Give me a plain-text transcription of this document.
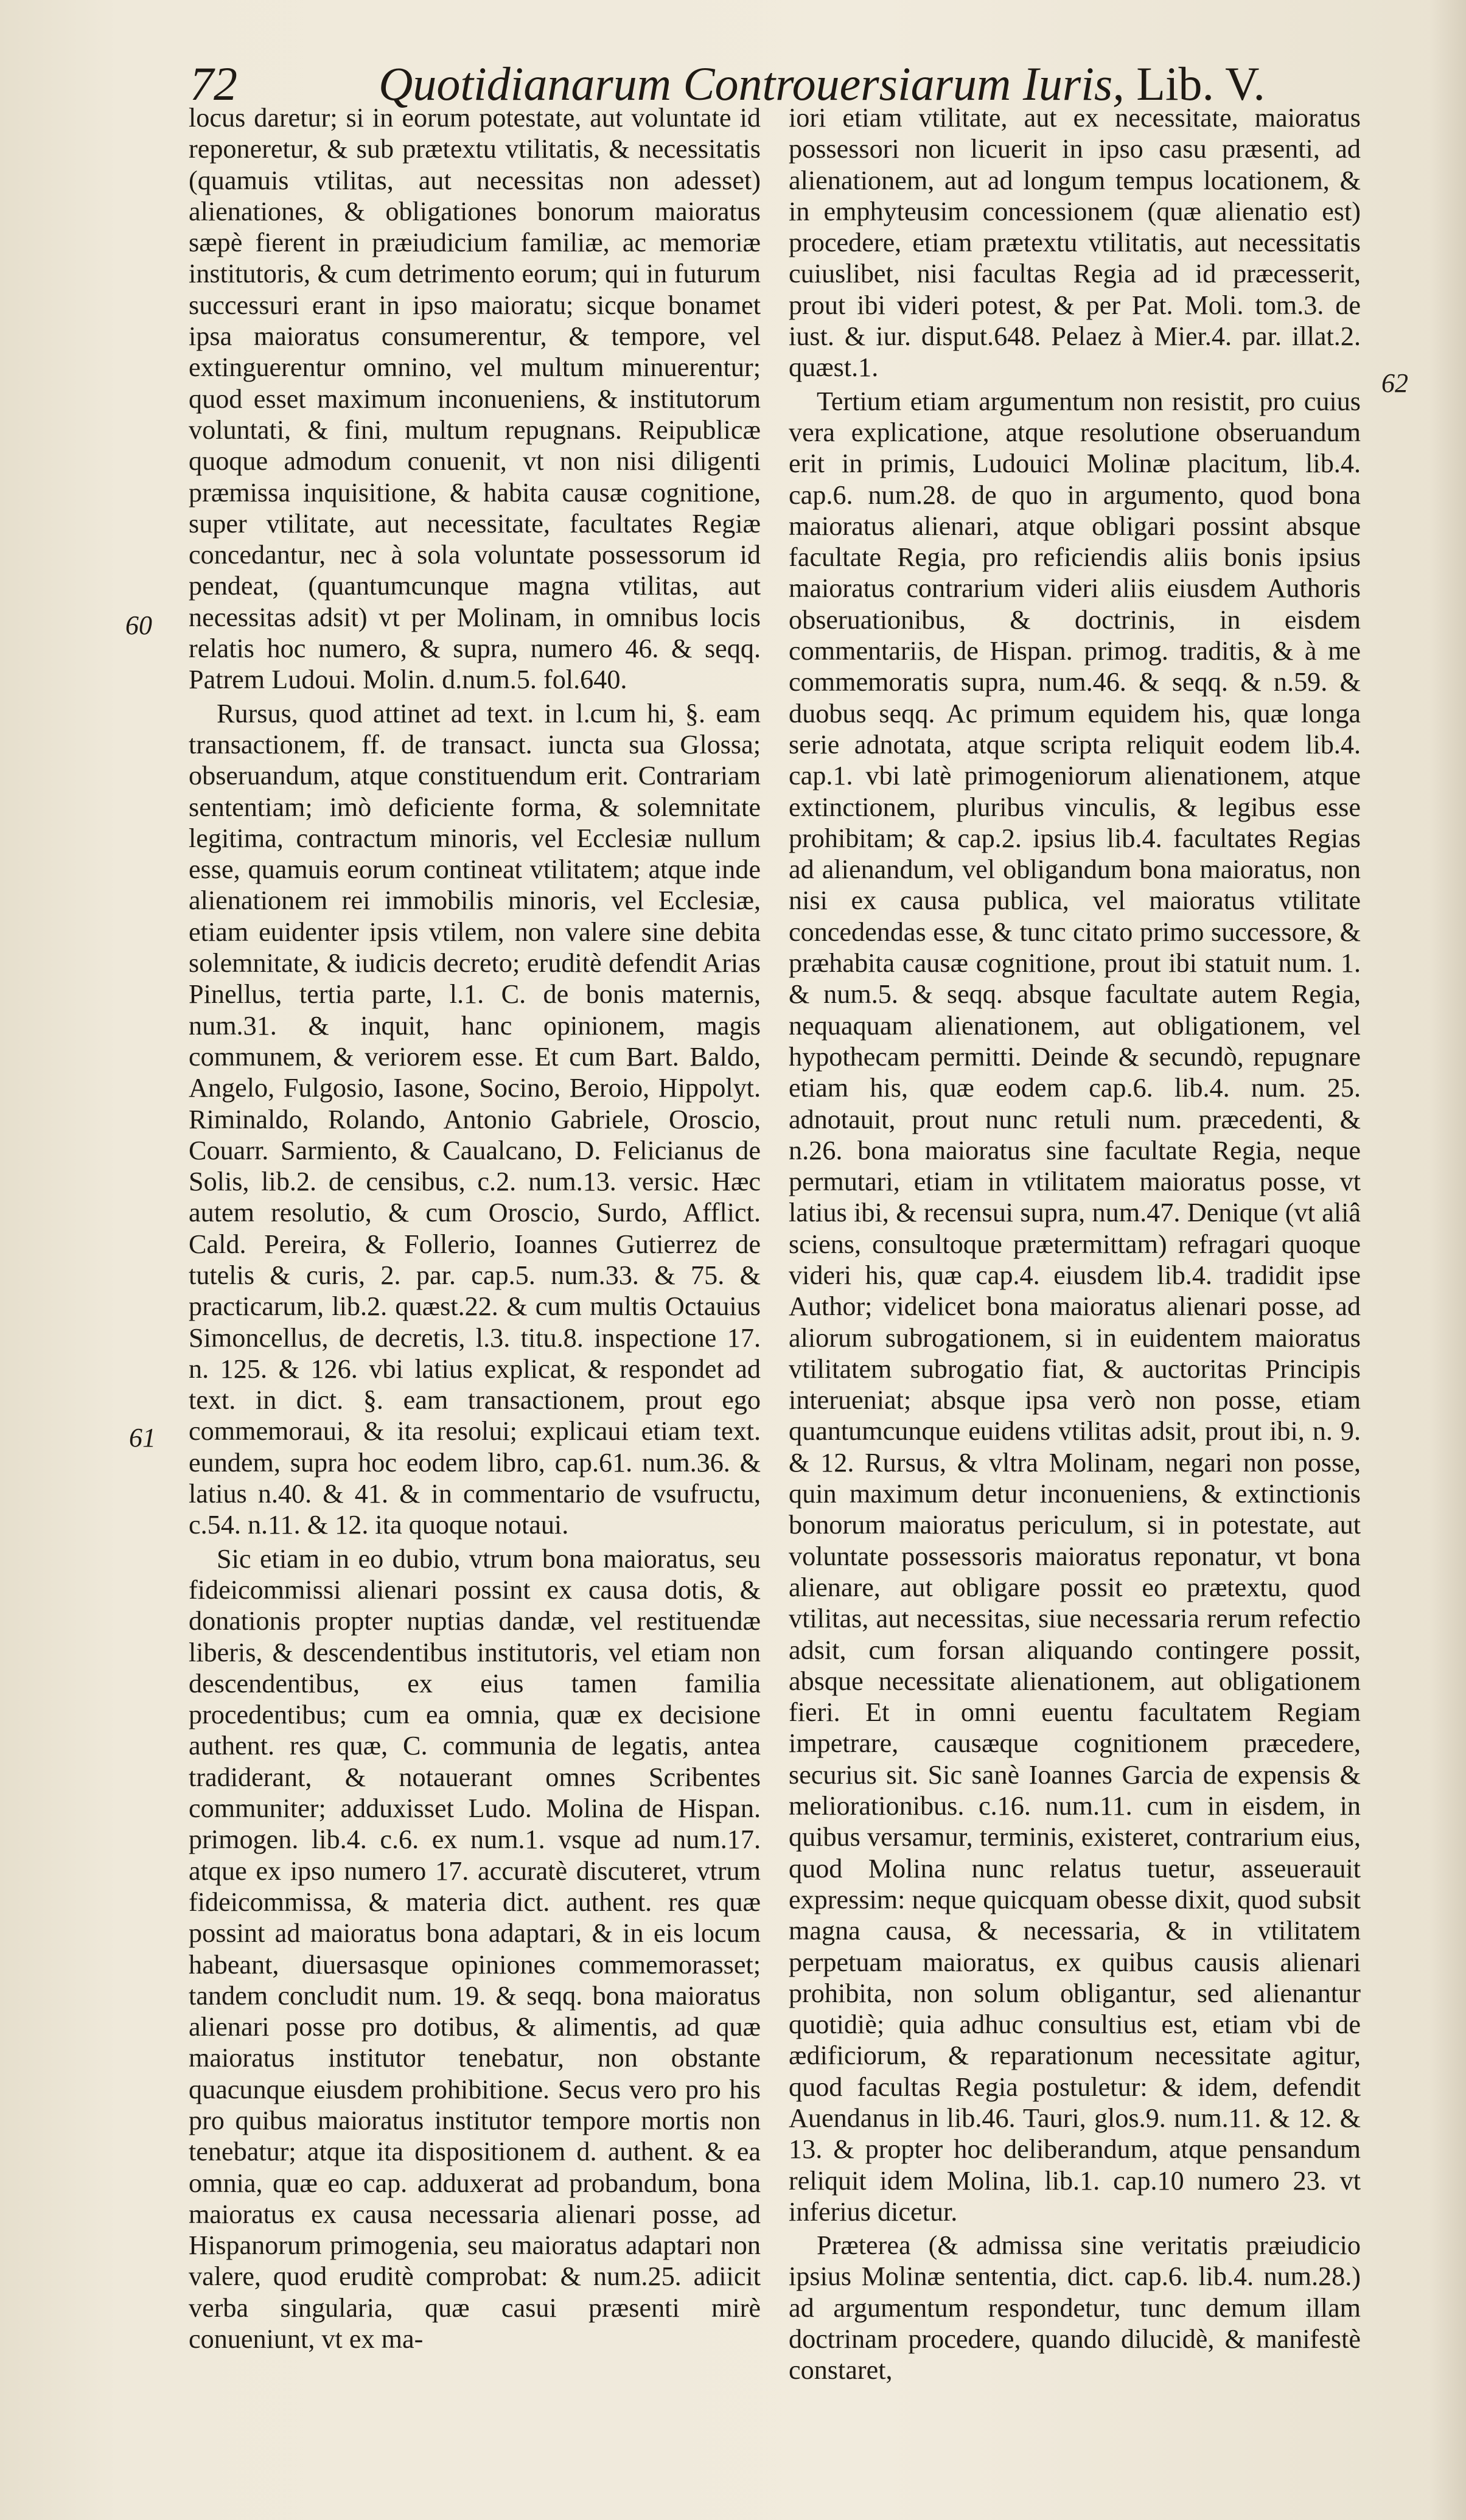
72	Quotidianarum Controuersiarum Iuris, Lib. V.
60
61
62

locus daretur; si in eorum potestate, aut voluntate id reponeretur, & sub prætextu vtilitatis, & necessitatis (quamuis vtilitas, aut necessitas non adesset) alienationes, & obligationes bonorum maioratus sæpè fierent in præiudicium familiæ, ac memoriæ institutoris, & cum detrimento eorum; qui in futurum successuri erant in ipso maioratu; sicque bonamet ipsa maioratus consumerentur, & tempore, vel extinguerentur omnino, vel multum minuerentur; quod esset maximum inconueniens, & institutorum voluntati, & fini, multum repugnans. Reipublicæ quoque admodum conuenit, vt non nisi diligenti præmissa inquisitione, & habita causæ cognitione, super vtilitate, aut necessitate, facultates Regiæ concedantur, nec à sola voluntate possessorum id pendeat, (quantumcunque magna vtilitas, aut necessitas adsit) vt per Molinam, in omnibus locis relatis hoc numero, & supra, numero 46. & seqq. Patrem Ludoui. Molin. d.num.5. fol.640.

Rursus, quod attinet ad text. in l.cum hi, §. eam transactionem, ff. de transact. iuncta sua Glossa; obseruandum, atque constituendum erit. Contrariam sententiam; imò deficiente forma, & solemnitate legitima, contractum minoris, vel Ecclesiæ nullum esse, quamuis eorum contineat vtilitatem; atque inde alienationem rei immobilis minoris, vel Ecclesiæ, etiam euidenter ipsis vtilem, non valere sine debita solemnitate, & iudicis decreto; eruditè defendit Arias Pinellus, tertia parte, l.1. C. de bonis maternis, num.31. & inquit, hanc opinionem, magis communem, & veriorem esse. Et cum Bart. Baldo, Angelo, Fulgosio, Iasone, Socino, Beroio, Hippolyt. Riminaldo, Rolando, Antonio Gabriele, Oroscio, Couarr. Sarmiento, & Caualcano, D. Felicianus de Solis, lib.2. de censibus, c.2. num.13. versic. Hæc autem resolutio, & cum Oroscio, Surdo, Afflict. Cald. Pereira, & Follerio, Ioannes Gutierrez de tutelis & curis, 2. par. cap.5. num.33. & 75. & practicarum, lib.2. quæst.22. & cum multis Octauius Simoncellus, de decretis, l.3. titu.8. inspectione 17. n. 125. & 126. vbi latius explicat, & respondet ad text. in dict. §. eam transactionem, prout ego commemoraui, & ita resolui; explicaui etiam text. eundem, supra hoc eodem libro, cap.61. num.36. & latius n.40. & 41. & in commentario de vsufructu, c.54. n.11. & 12. ita quoque notaui.

Sic etiam in eo dubio, vtrum bona maioratus, seu fideicommissi alienari possint ex causa dotis, & donationis propter nuptias dandæ, vel restituendæ liberis, & descendentibus institutoris, vel etiam non descendentibus, ex eius tamen familia procedentibus; cum ea omnia, quæ ex decisione authent. res quæ, C. communia de legatis, antea tradiderant, & notauerant omnes Scribentes communiter; adduxisset Ludo. Molina de Hispan. primogen. lib.4. c.6. ex num.1. vsque ad num.17. atque ex ipso numero 17. accuratè discuteret, vtrum fideicommissa, & materia dict. authent. res quæ possint ad maioratus bona adaptari, & in eis locum habeant, diuersasque opiniones commemorasset; tandem concludit num. 19. & seqq. bona maioratus alienari posse pro dotibus, & alimentis, ad quæ maioratus institutor tenebatur, non obstante quacunque eiusdem prohibitione. Secus vero pro his pro quibus maioratus institutor tempore mortis non tenebatur; atque ita dispositionem d. authent. & ea omnia, quæ eo cap. adduxerat ad probandum, bona maioratus ex causa necessaria alienari posse, ad Hispanorum primogenia, seu maioratus adaptari non valere, quod eruditè comprobat: & num.25. adiicit verba singularia, quæ casui præsenti mirè conueniunt, vt ex ma-

iori etiam vtilitate, aut ex necessitate, maioratus possessori non licuerit in ipso casu præsenti, ad alienationem, aut ad longum tempus locationem, & in emphyteusim concessionem (quæ alienatio est) procedere, etiam prætextu vtilitatis, aut necessitatis cuiuslibet, nisi facultas Regia ad id præcesserit, prout ibi videri potest, & per Pat. Moli. tom.3. de iust. & iur. disput.648. Pelaez à Mier.4. par. illat.2. quæst.1.

Tertium etiam argumentum non resistit, pro cuius vera explicatione, atque resolutione obseruandum erit in primis, Ludouici Molinæ placitum, lib.4. cap.6. num.28. de quo in argumento, quod bona maioratus alienari, atque obligari possint absque facultate Regia, pro reficiendis aliis bonis ipsius maioratus contrarium videri aliis eiusdem Authoris obseruationibus, & doctrinis, in eisdem commentariis, de Hispan. primog. traditis, & à me commemoratis supra, num.46. & seqq. & n.59. & duobus seqq. Ac primum equidem his, quæ longa serie adnotata, atque scripta reliquit eodem lib.4. cap.1. vbi latè primogeniorum alienationem, atque extinctionem, pluribus vinculis, & legibus esse prohibitam; & cap.2. ipsius lib.4. facultates Regias ad alienandum, vel obligandum bona maioratus, non nisi ex causa publica, vel maioratus vtilitate concedendas esse, & tunc citato primo successore, & præhabita causæ cognitione, prout ibi statuit num. 1. & num.5. & seqq. absque facultate autem Regia, nequaquam alienationem, aut obligationem, vel hypothecam permitti. Deinde & secundò, repugnare etiam his, quæ eodem cap.6. lib.4. num. 25. adnotauit, prout nunc retuli num. præcedenti, & n.26. bona maioratus sine facultate Regia, neque permutari, etiam in vtilitatem maioratus posse, vt latius ibi, & recensui supra, num.47. Denique (vt aliâ sciens, consultoque prætermittam) refragari quoque videri his, quæ cap.4. eiusdem lib.4. tradidit ipse Author; videlicet bona maioratus alienari posse, ad aliorum subrogationem, si in euidentem maioratus vtilitatem subrogatio fiat, & auctoritas Principis interueniat; absque ipsa verò non posse, etiam quantumcunque euidens vtilitas adsit, prout ibi, n. 9. & 12. Rursus, & vltra Molinam, negari non posse, quin maximum detur inconueniens, & extinctionis bonorum maioratus periculum, si in potestate, aut voluntate possessoris maioratus reponatur, vt bona alienare, aut obligare possit eo prætextu, quod vtilitas, aut necessitas, siue necessaria rerum refectio adsit, cum forsan aliquando contingere possit, absque necessitate alienationem, aut obligationem fieri. Et in omni euentu facultatem Regiam impetrare, causæque cognitionem præcedere, securius sit. Sic sanè Ioannes Garcia de expensis & meliorationibus. c.16. num.11. cum in eisdem, in quibus versamur, terminis, existeret, contrarium eius, quod Molina nunc relatus tuetur, asseuerauit expressim: neque quicquam obesse dixit, quod subsit magna causa, & necessaria, & in vtilitatem perpetuam maioratus, ex quibus causis alienari prohibita, non solum obligantur, sed alienantur quotidiè; quia adhuc consultius est, etiam vbi de ædificiorum, & reparationum necessitate agitur, quod facultas Regia postuletur: & idem, defendit Auendanus in lib.46. Tauri, glos.9. num.11. & 12. & 13. & propter hoc deliberandum, atque pensandum reliquit idem Molina, lib.1. cap.10 numero 23. vt inferius dicetur.

Præterea (& admissa sine veritatis præiudicio ipsius Molinæ sententia, dict. cap.6. lib.4. num.28.) ad argumentum respondetur, tunc demum illam doctrinam procedere, quando dilucidè, & manifestè constaret,
